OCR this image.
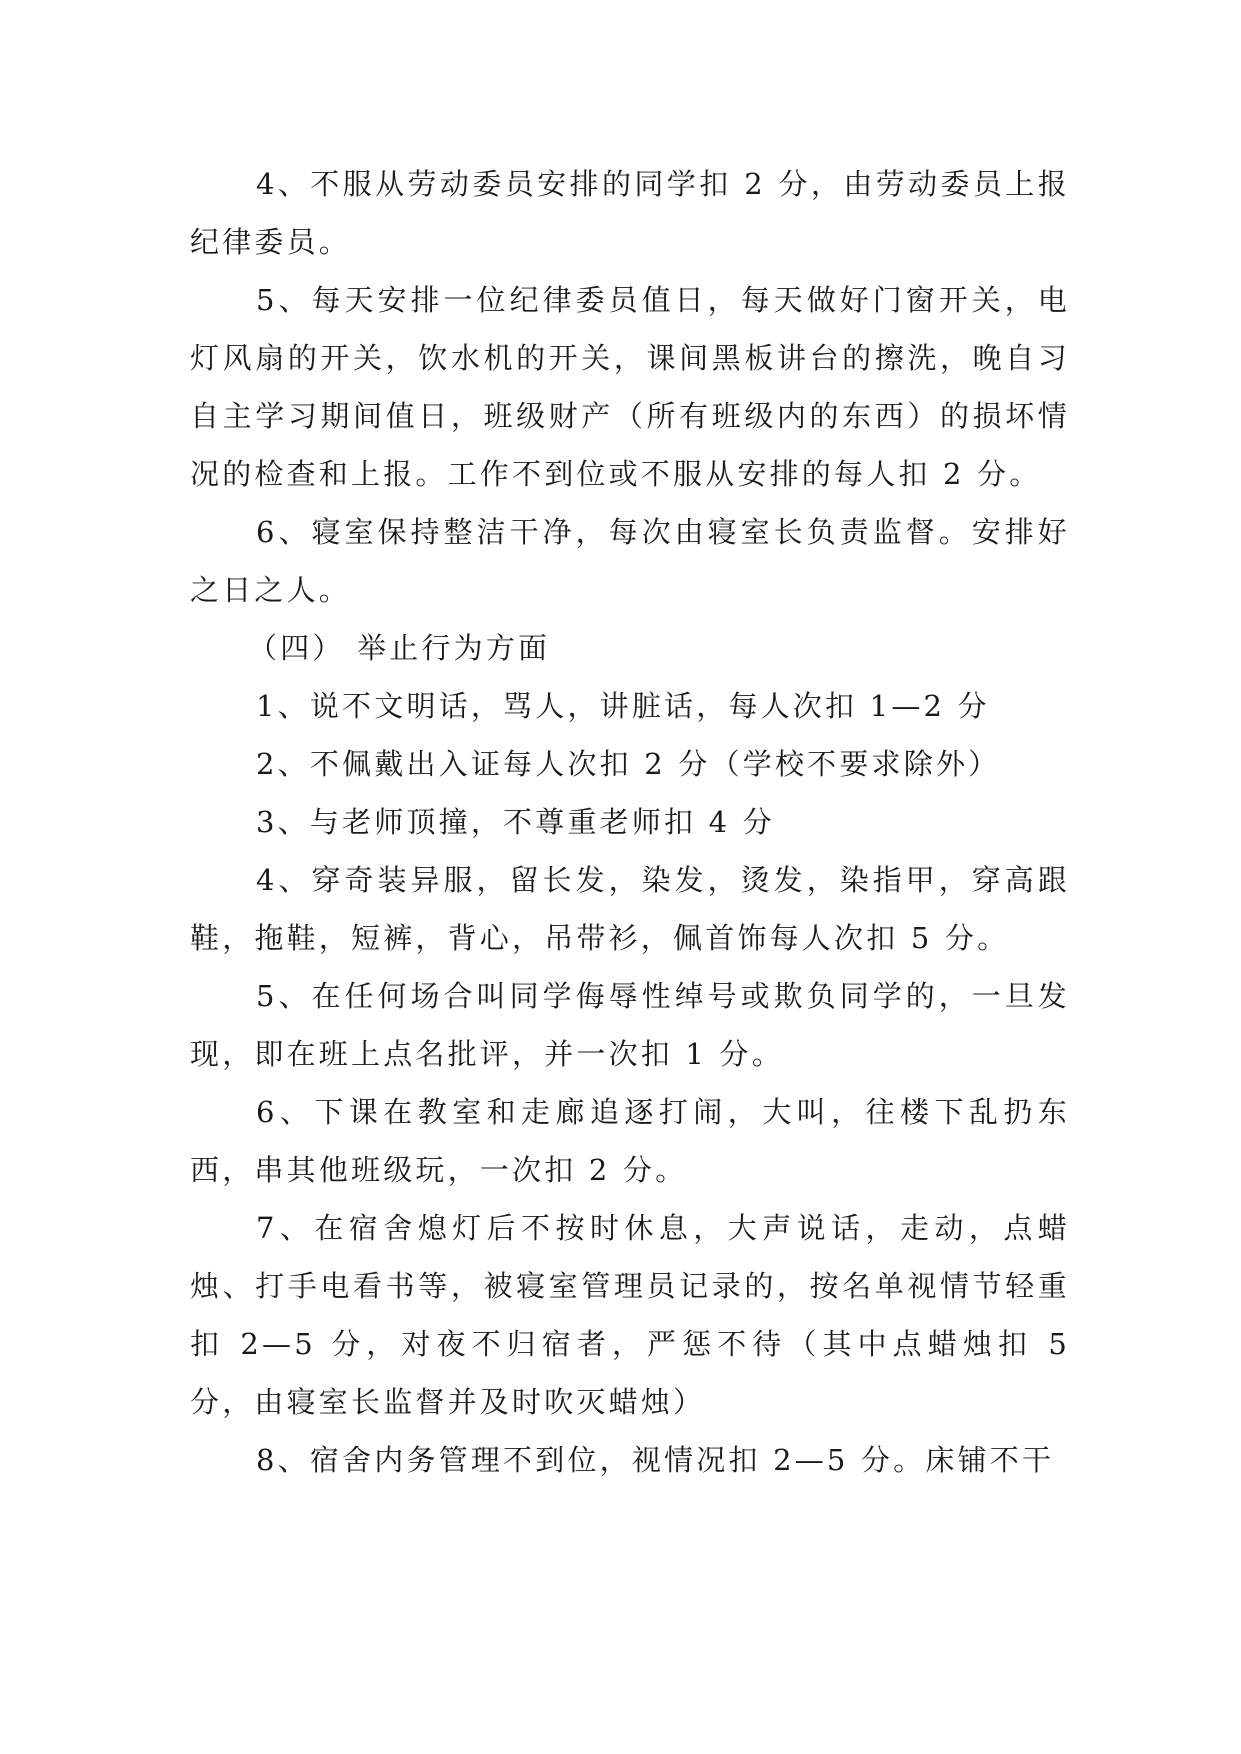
4、不服从劳动委员安排的同学扣 2 分，由劳动委员上报纪律委员。

5、每天安排一位纪律委员值日，每天做好门窗开关，电灯风扇的开关，饮水机的开关，课间黑板讲台的擦洗，晚自习自主学习期间值日，班级财产（所有班级内的东西）的损坏情况的检查和上报。工作不到位或不服从安排的每人扣 2 分。

6、寝室保持整洁干净，每次由寝室长负责监督。安排好之日之人。

（四） 举止行为方面

1、说不文明话，骂人，讲脏话，每人次扣 1—2 分

2、不佩戴出入证每人次扣 2 分（学校不要求除外）

3、与老师顶撞，不尊重老师扣 4 分

4、穿奇装异服，留长发，染发，烫发，染指甲，穿高跟鞋，拖鞋，短裤，背心，吊带衫，佩首饰每人次扣 5 分。

5、在任何场合叫同学侮辱性绰号或欺负同学的，一旦发现，即在班上点名批评，并一次扣 1 分。

6、下课在教室和走廊追逐打闹，大叫，往楼下乱扔东西，串其他班级玩，一次扣 2 分。

7、在宿舍熄灯后不按时休息，大声说话，走动，点蜡烛、打手电看书等，被寝室管理员记录的，按名单视情节轻重扣 2—5 分，对夜不归宿者，严惩不待（其中点蜡烛扣 5 分，由寝室长监督并及时吹灭蜡烛）

8、宿舍内务管理不到位，视情况扣 2—5 分。床铺不干
